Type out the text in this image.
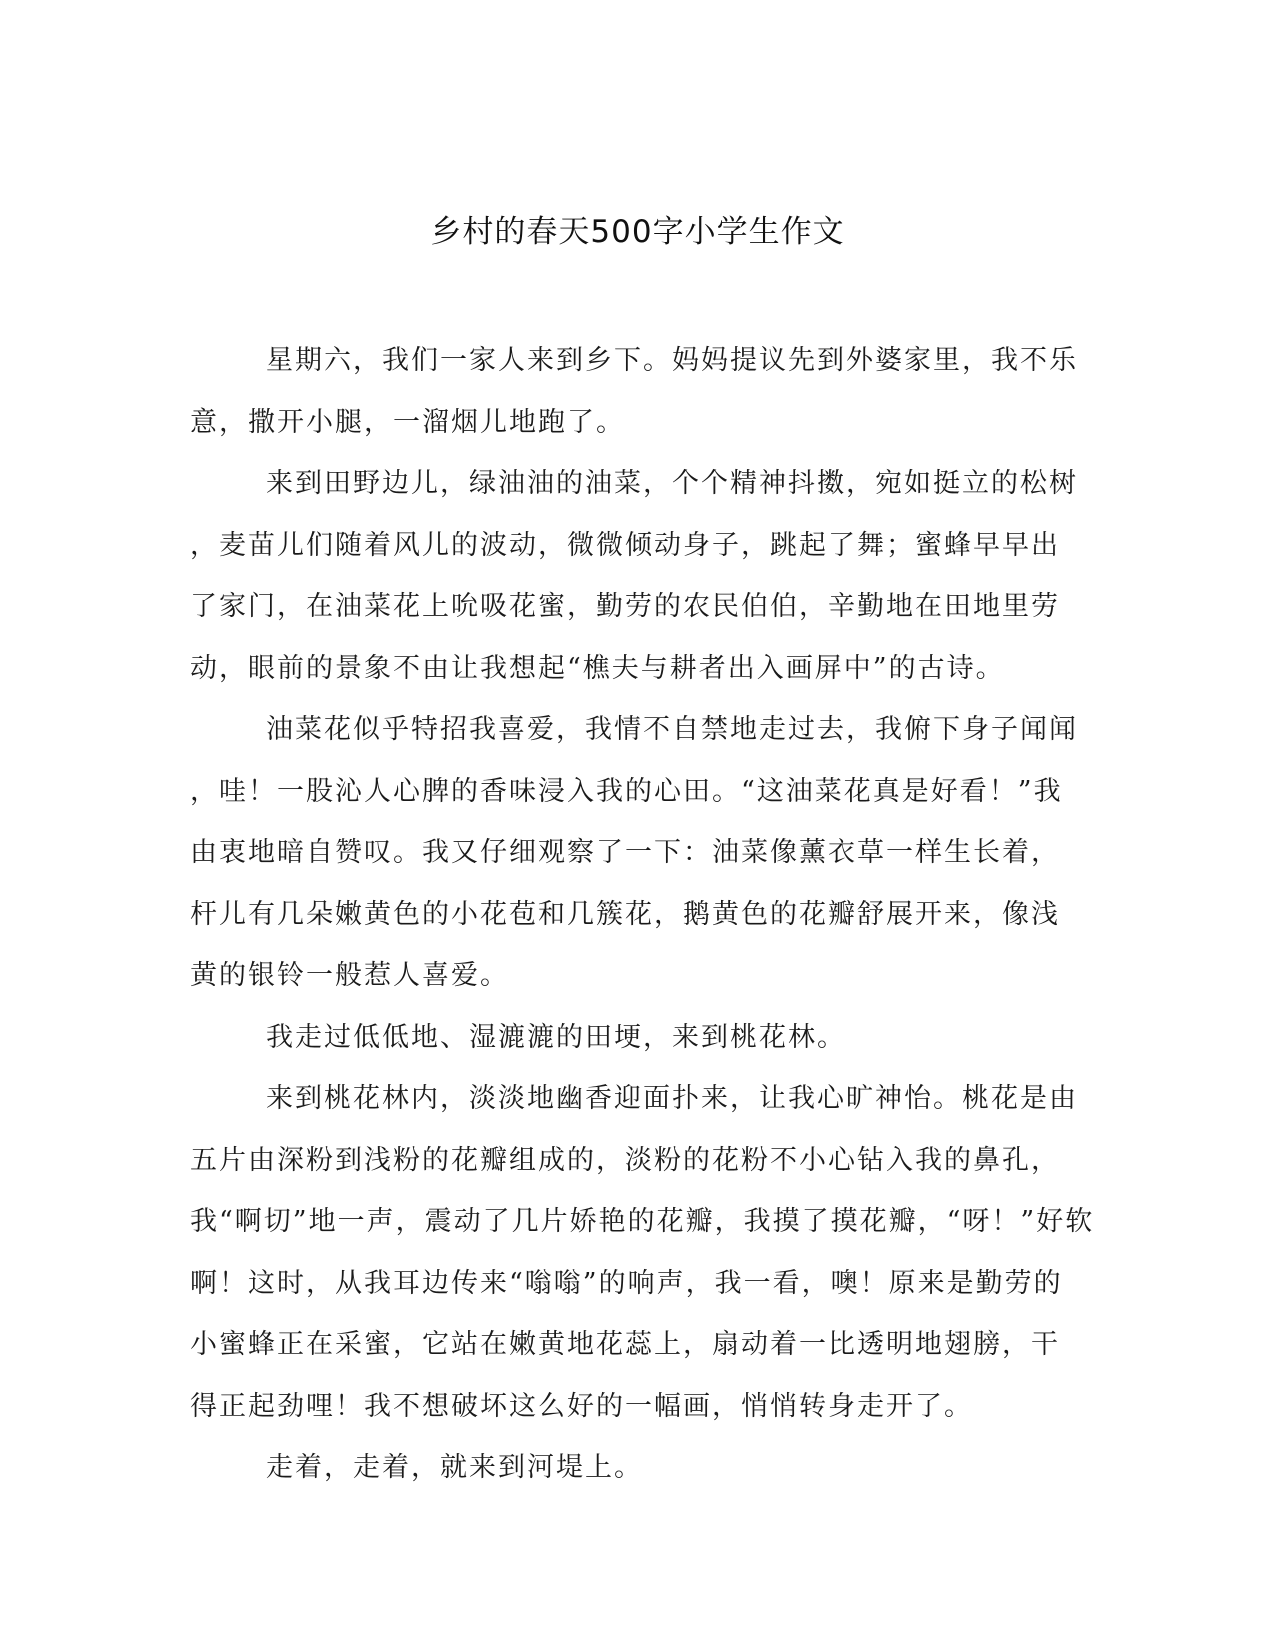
乡村的春天500字小学生作文
星期六，我们一家人来到乡下。妈妈提议先到外婆家里，我不乐
意，撒开小腿，一溜烟儿地跑了。
来到田野边儿，绿油油的油菜，个个精神抖擞，宛如挺立的松树
，麦苗儿们随着风儿的波动，微微倾动身子，跳起了舞；蜜蜂早早出
了家门，在油菜花上吮吸花蜜，勤劳的农民伯伯，辛勤地在田地里劳
动，眼前的景象不由让我想起“樵夫与耕者出入画屏中”的古诗。
油菜花似乎特招我喜爱，我情不自禁地走过去，我俯下身子闻闻
，哇！一股沁人心脾的香味浸入我的心田。“这油菜花真是好看！”我
由衷地暗自赞叹。我又仔细观察了一下：油菜像薰衣草一样生长着，
杆儿有几朵嫩黄色的小花苞和几簇花，鹅黄色的花瓣舒展开来，像浅
黄的银铃一般惹人喜爱。
我走过低低地、湿漉漉的田埂，来到桃花林。
来到桃花林内，淡淡地幽香迎面扑来，让我心旷神怡。桃花是由
五片由深粉到浅粉的花瓣组成的，淡粉的花粉不小心钻入我的鼻孔，
我“啊切”地一声，震动了几片娇艳的花瓣，我摸了摸花瓣，“呀！”好软
啊！这时，从我耳边传来“嗡嗡”的响声，我一看，噢！原来是勤劳的
小蜜蜂正在采蜜，它站在嫩黄地花蕊上，扇动着一比透明地翅膀，干
得正起劲哩！我不想破坏这么好的一幅画，悄悄转身走开了。
走着，走着，就来到河堤上。
